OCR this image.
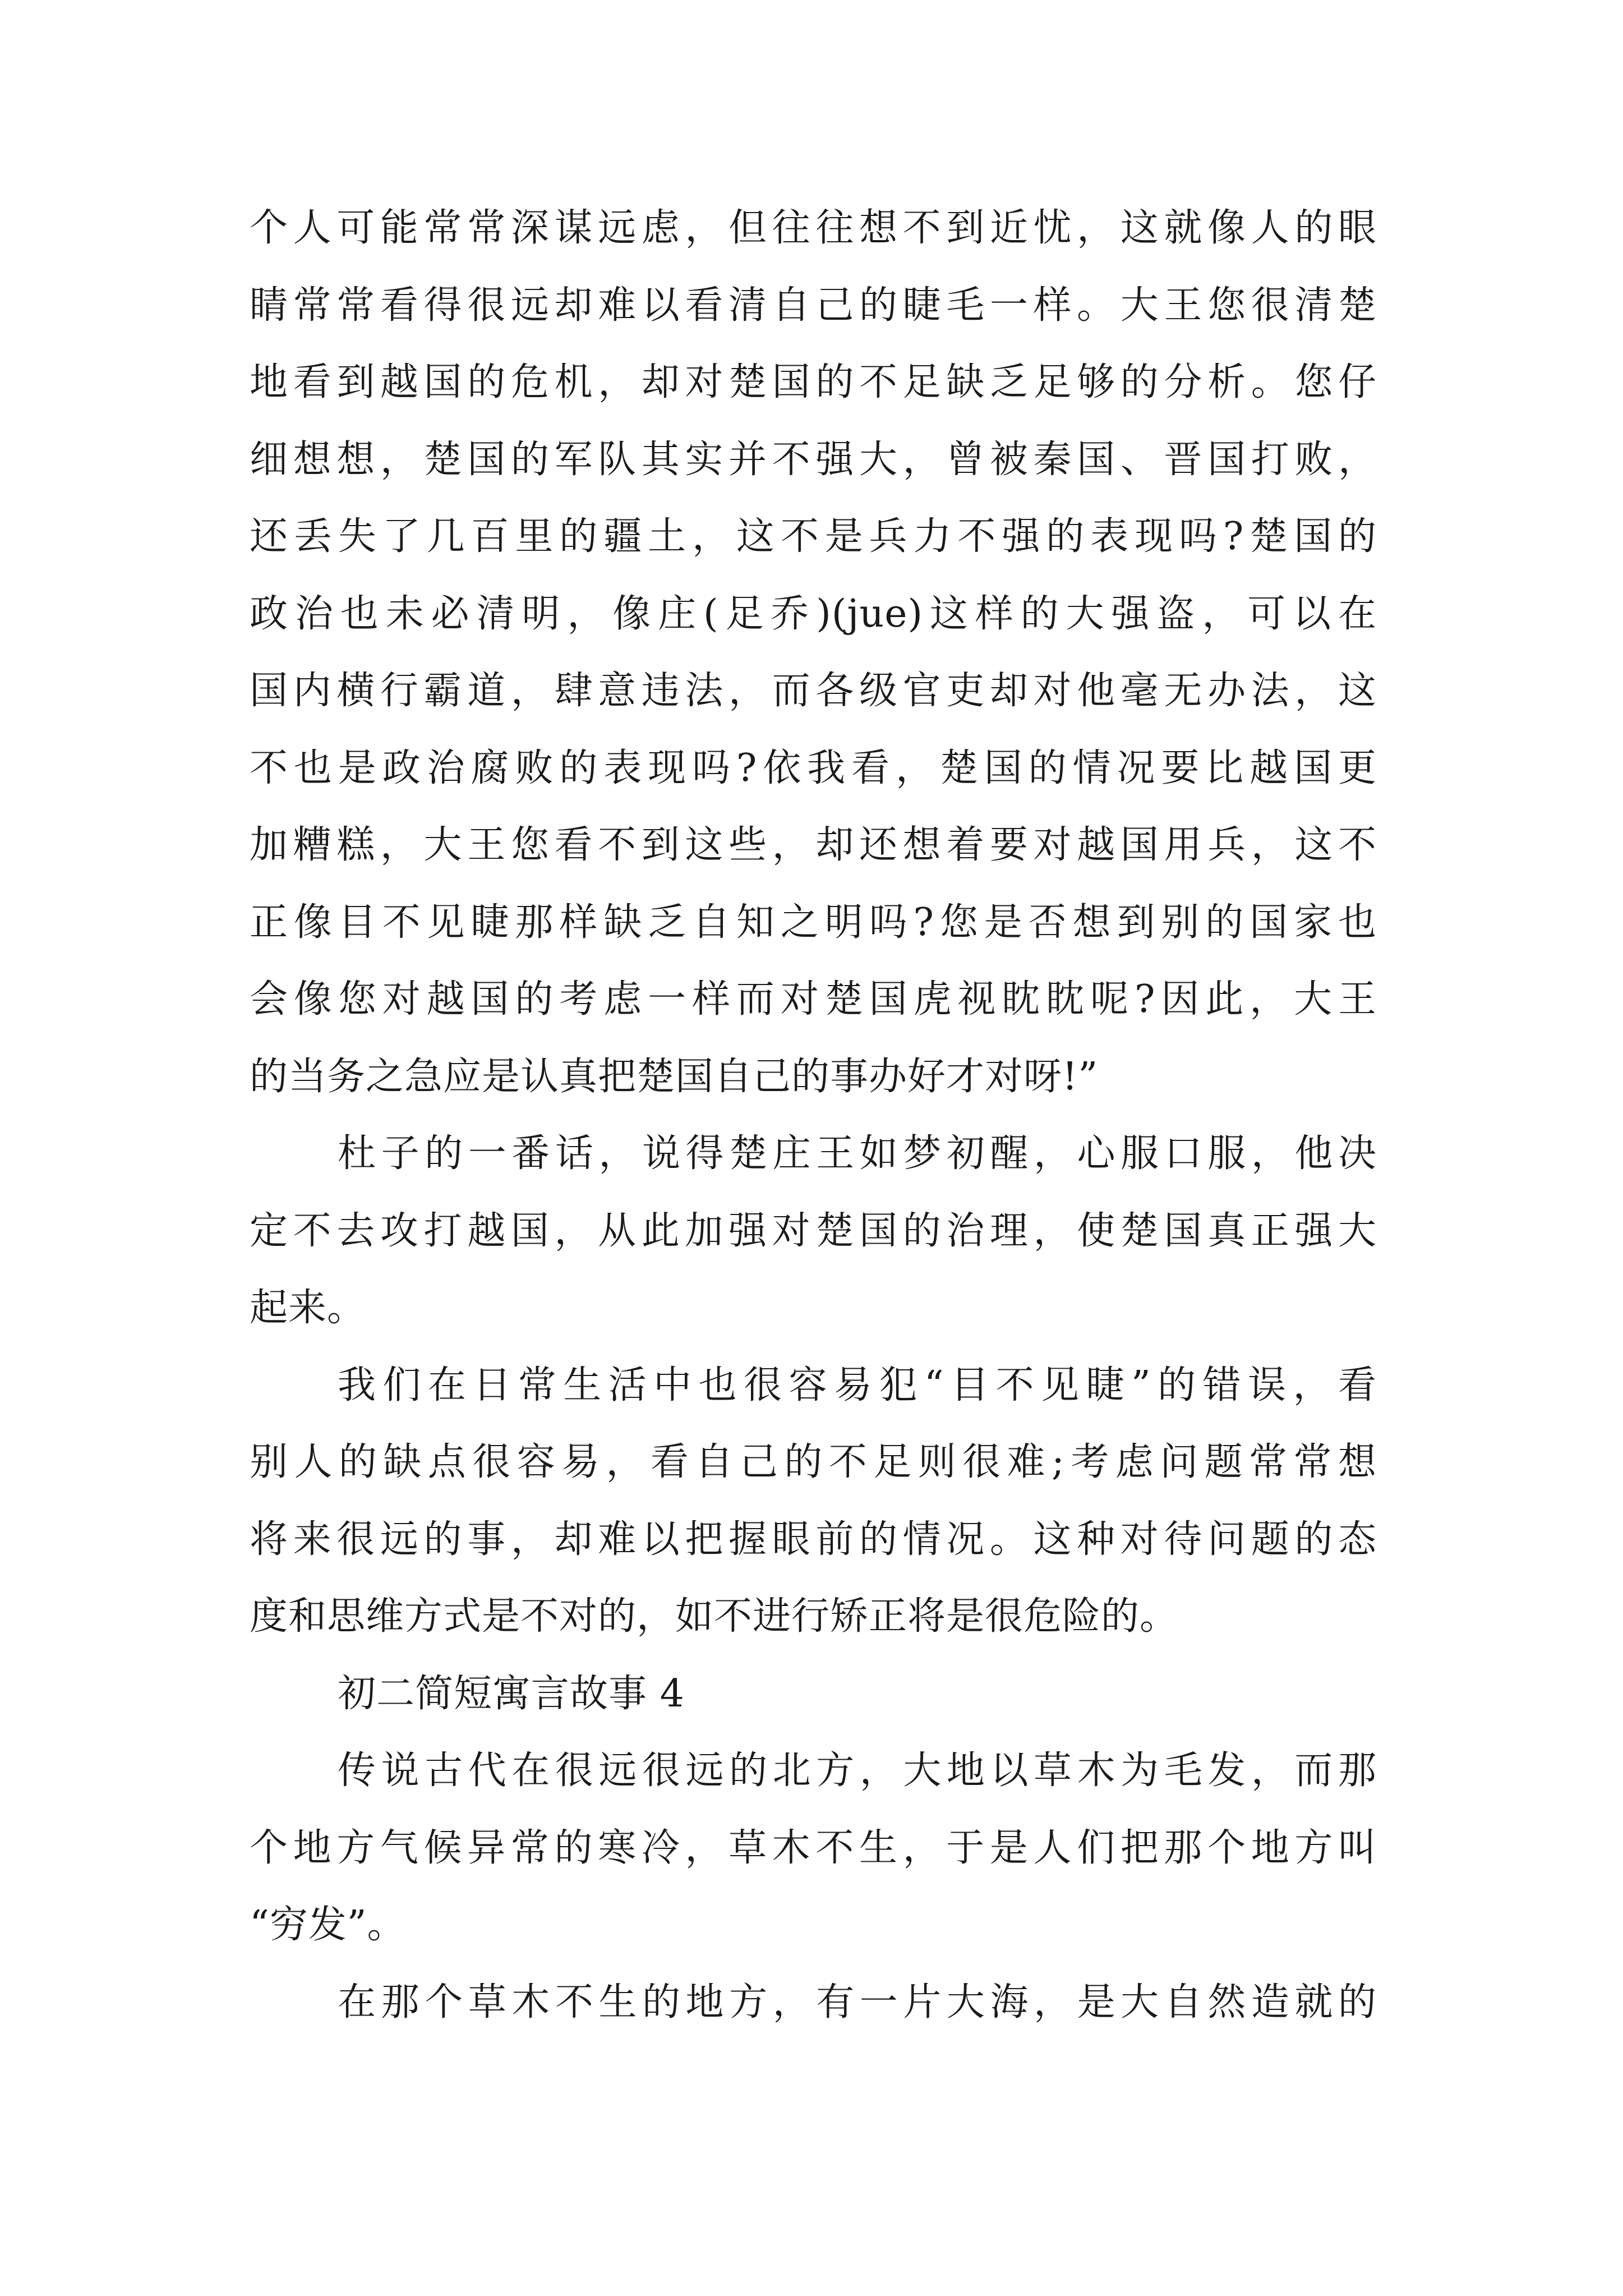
个人可能常常深谋远虑，但往往想不到近忧，这就像人的眼
睛常常看得很远却难以看清自己的睫毛一样。大王您很清楚
地看到越国的危机，却对楚国的不足缺乏足够的分析。您仔
细想想，楚国的军队其实并不强大，曾被秦国、晋国打败，
还丢失了几百里的疆土，这不是兵力不强的表现吗?楚国的
政治也未必清明，像庄(足乔)(jue)这样的大强盗，可以在
国内横行霸道，肆意违法，而各级官吏却对他毫无办法，这
不也是政治腐败的表现吗?依我看，楚国的情况要比越国更
加糟糕，大王您看不到这些，却还想着要对越国用兵，这不
正像目不见睫那样缺乏自知之明吗?您是否想到别的国家也
会像您对越国的考虑一样而对楚国虎视眈眈呢?因此，大王
的当务之急应是认真把楚国自己的事办好才对呀!”
杜子的一番话，说得楚庄王如梦初醒，心服口服，他决
定不去攻打越国，从此加强对楚国的治理，使楚国真正强大
起来。
我们在日常生活中也很容易犯“目不见睫”的错误，看
别人的缺点很容易，看自己的不足则很难;考虑问题常常想
将来很远的事，却难以把握眼前的情况。这种对待问题的态
度和思维方式是不对的，如不进行矫正将是很危险的。
初二简短寓言故事 4
传说古代在很远很远的北方，大地以草木为毛发，而那
个地方气候异常的寒冷，草木不生，于是人们把那个地方叫
“穷发”。
在那个草木不生的地方，有一片大海，是大自然造就的
